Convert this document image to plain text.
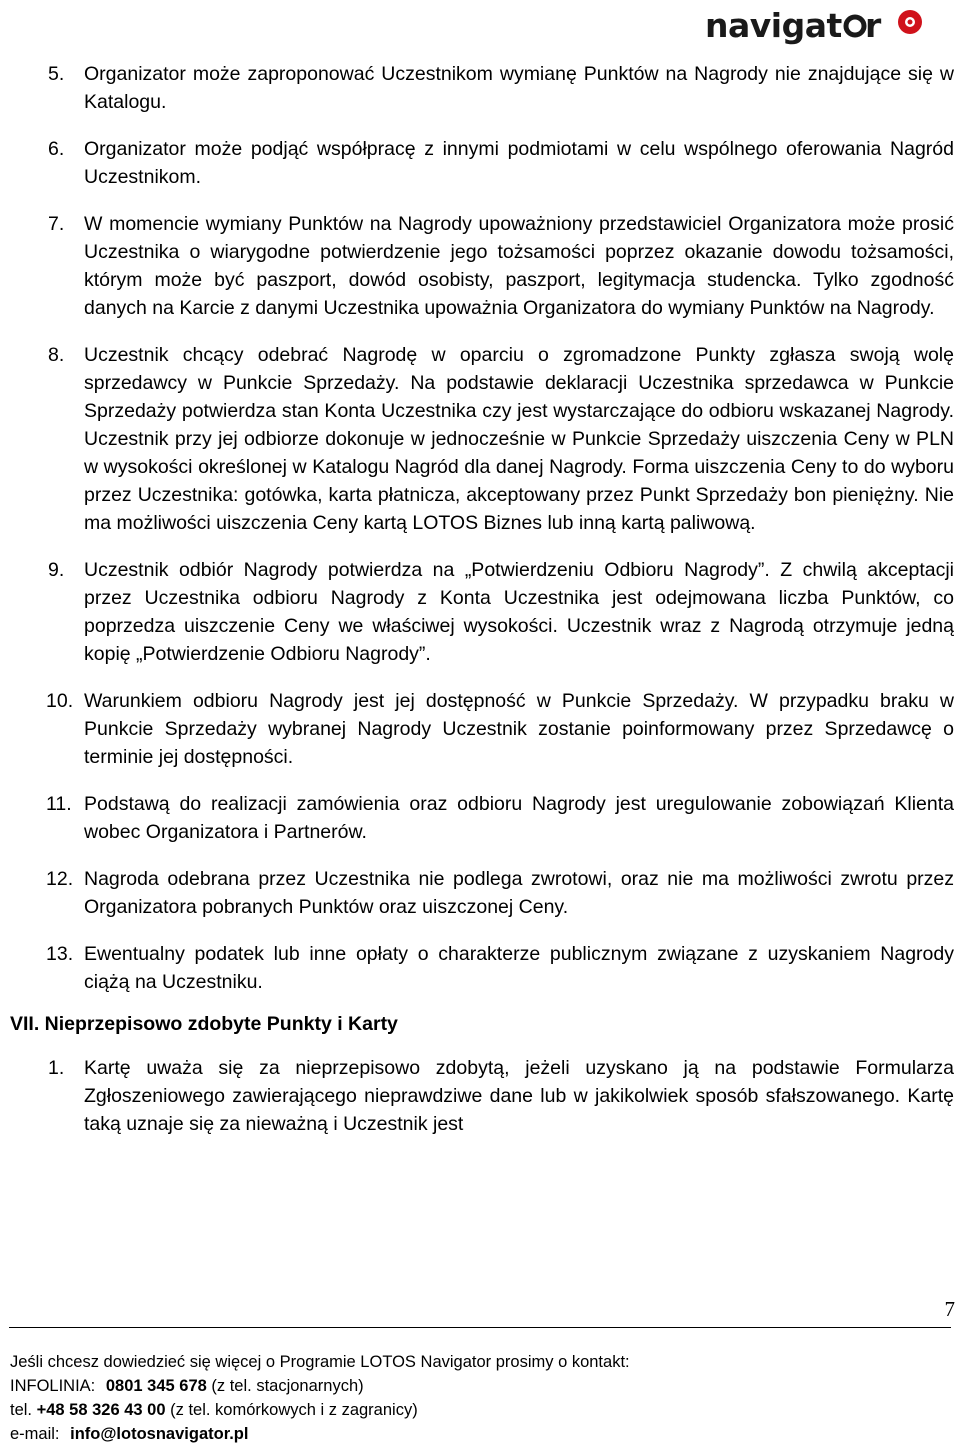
navigat r
5.	Organizator może zaproponować Uczestnikom wymianę Punktów na Nagrody nie znajdujące się w Katalogu.
6.	Organizator może podjąć współpracę z innymi podmiotami w celu wspólnego oferowania Nagród Uczestnikom.
7.	W momencie wymiany Punktów na Nagrody upoważniony przedstawiciel Organizatora może prosić Uczestnika o wiarygodne potwierdzenie jego tożsamości poprzez okazanie dowodu tożsamości, którym może być paszport, dowód osobisty, paszport, legitymacja studencka. Tylko zgodność danych na Karcie z danymi Uczestnika upoważnia Organizatora do wymiany Punktów na Nagrody.
8.	Uczestnik chcący odebrać Nagrodę w oparciu o zgromadzone Punkty zgłasza swoją wolę sprzedawcy w Punkcie Sprzedaży. Na podstawie deklaracji Uczestnika sprzedawca w Punkcie Sprzedaży potwierdza stan Konta Uczestnika czy jest wystarczające do odbioru wskazanej Nagrody. Uczestnik przy jej odbiorze dokonuje w jednocześnie w Punkcie Sprzedaży uiszczenia Ceny w PLN w wysokości określonej w Katalogu Nagród dla danej Nagrody. Forma uiszczenia Ceny to do wyboru przez Uczestnika: gotówka, karta płatnicza, akceptowany przez Punkt Sprzedaży bon pieniężny. Nie ma możliwości uiszczenia Ceny kartą LOTOS Biznes lub inną kartą paliwową.
9.	Uczestnik odbiór Nagrody potwierdza na „Potwierdzeniu Odbioru Nagrody”. Z chwilą akceptacji przez Uczestnika odbioru Nagrody z Konta Uczestnika jest odejmowana liczba Punktów, co poprzedza uiszczenie Ceny we właściwej wysokości. Uczestnik wraz z Nagrodą otrzymuje jedną kopię „Potwierdzenie Odbioru Nagrody”.
10. Warunkiem odbioru Nagrody jest jej dostępność w Punkcie Sprzedaży. W przypadku braku w Punkcie Sprzedaży wybranej Nagrody Uczestnik zostanie poinformowany przez Sprzedawcę o terminie jej dostępności.
11. Podstawą do realizacji zamówienia oraz odbioru Nagrody jest uregulowanie zobowiązań Klienta wobec Organizatora i Partnerów.
12. Nagroda odebrana przez Uczestnika nie podlega zwrotowi, oraz nie ma możliwości zwrotu przez Organizatora pobranych Punktów oraz uiszczonej Ceny.
13. Ewentualny podatek lub inne opłaty o charakterze publicznym związane z uzyskaniem Nagrody ciążą na Uczestniku.
VII. Nieprzepisowo zdobyte Punkty i Karty
1.	Kartę uważa się za nieprzepisowo zdobytą, jeżeli uzyskano ją na podstawie Formularza Zgłoszeniowego zawierającego nieprawdziwe dane lub w jakikolwiek sposób sfałszowanego. Kartę taką uznaje się za nieważną i Uczestnik jest
7
Jeśli chcesz dowiedzieć się więcej o Programie LOTOS Navigator prosimy o kontakt:
INFOLINIA: 0801 345 678 (z tel. stacjonarnych)
tel. +48 58 326 43 00 (z tel. komórkowych i z zagranicy)
e-mail: info@lotosnavigator.pl
